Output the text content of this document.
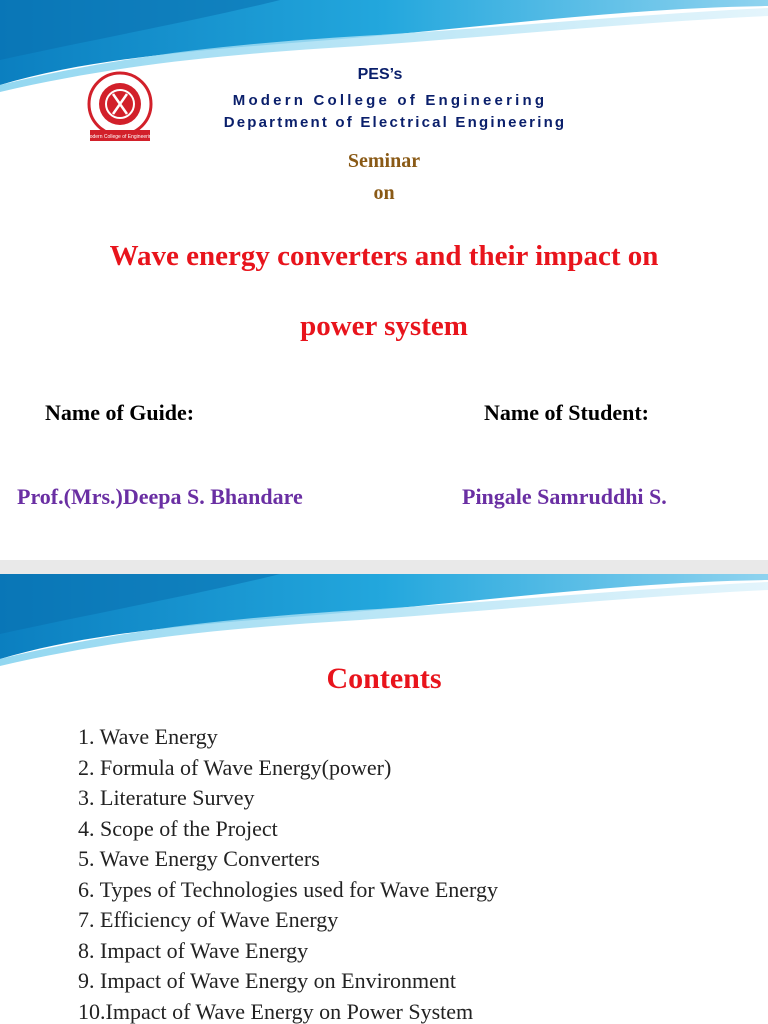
Modern College of Engineering
PES’s
Modern College of Engineering
Department of Electrical Engineering
Seminar
on
Wave energy converters and their impact on
power system
Name of Guide:	Name of Student:
Prof.(Mrs.)Deepa S. Bhandare	Pingale Samruddhi S.
Contents
1. Wave Energy
2. Formula of Wave Energy(power)
3. Literature Survey
4. Scope of the Project
5. Wave Energy Converters
6. Types of Technologies used for Wave Energy
7. Efficiency of Wave Energy
8. Impact of Wave Energy
9. Impact of Wave Energy on Environment
10.Impact of Wave Energy on Power System
